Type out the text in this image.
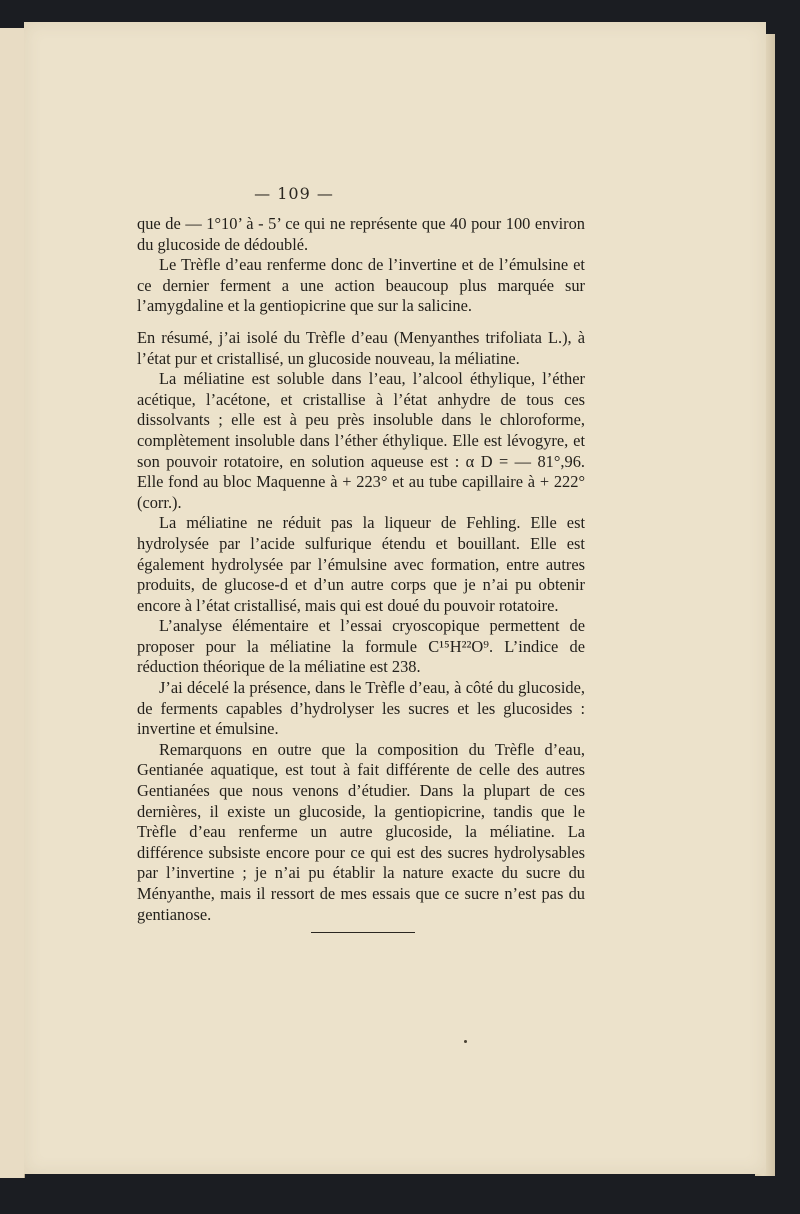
— 109 —

que de — 1°10’ à - 5’ ce qui ne représente que 40 pour 100 environ du glucoside de dédoublé.

Le Trèfle d’eau renferme donc de l’invertine et de l’émulsine et ce dernier ferment a une action beaucoup plus marquée sur l’amygdaline et la gentiopicrine que sur la salicine.

En résumé, j’ai isolé du Trèfle d’eau (Menyanthes trifoliata L.), à l’état pur et cristallisé, un glucoside nouveau, la méliatine.

La méliatine est soluble dans l’eau, l’alcool éthylique, l’éther acétique, l’acétone, et cristallise à l’état anhydre de tous ces dissolvants ; elle est à peu près insoluble dans le chloroforme, complètement insoluble dans l’éther éthylique. Elle est lévogyre, et son pouvoir rotatoire, en solution aqueuse est : α D = — 81°,96. Elle fond au bloc Maquenne à + 223° et au tube capillaire à + 222° (corr.).

La méliatine ne réduit pas la liqueur de Fehling. Elle est hydrolysée par l’acide sulfurique étendu et bouillant. Elle est également hydrolysée par l’émulsine avec formation, entre autres produits, de glucose-d et d’un autre corps que je n’ai pu obtenir encore à l’état cristallisé, mais qui est doué du pouvoir rotatoire.

L’analyse élémentaire et l’essai cryoscopique permettent de proposer pour la méliatine la formule C¹⁵H²²O⁹. L’indice de réduction théorique de la méliatine est 238.

J’ai décelé la présence, dans le Trèfle d’eau, à côté du glucoside, de ferments capables d’hydrolyser les sucres et les glucosides : invertine et émulsine.

Remarquons en outre que la composition du Trèfle d’eau, Gentianée aquatique, est tout à fait différente de celle des autres Gentianées que nous venons d’étudier. Dans la plupart de ces dernières, il existe un glucoside, la gentiopicrine, tandis que le Trèfle d’eau renferme un autre glucoside, la méliatine. La différence subsiste encore pour ce qui est des sucres hydrolysables par l’invertine ; je n’ai pu établir la nature exacte du sucre du Ményanthe, mais il ressort de mes essais que ce sucre n’est pas du gentianose.
